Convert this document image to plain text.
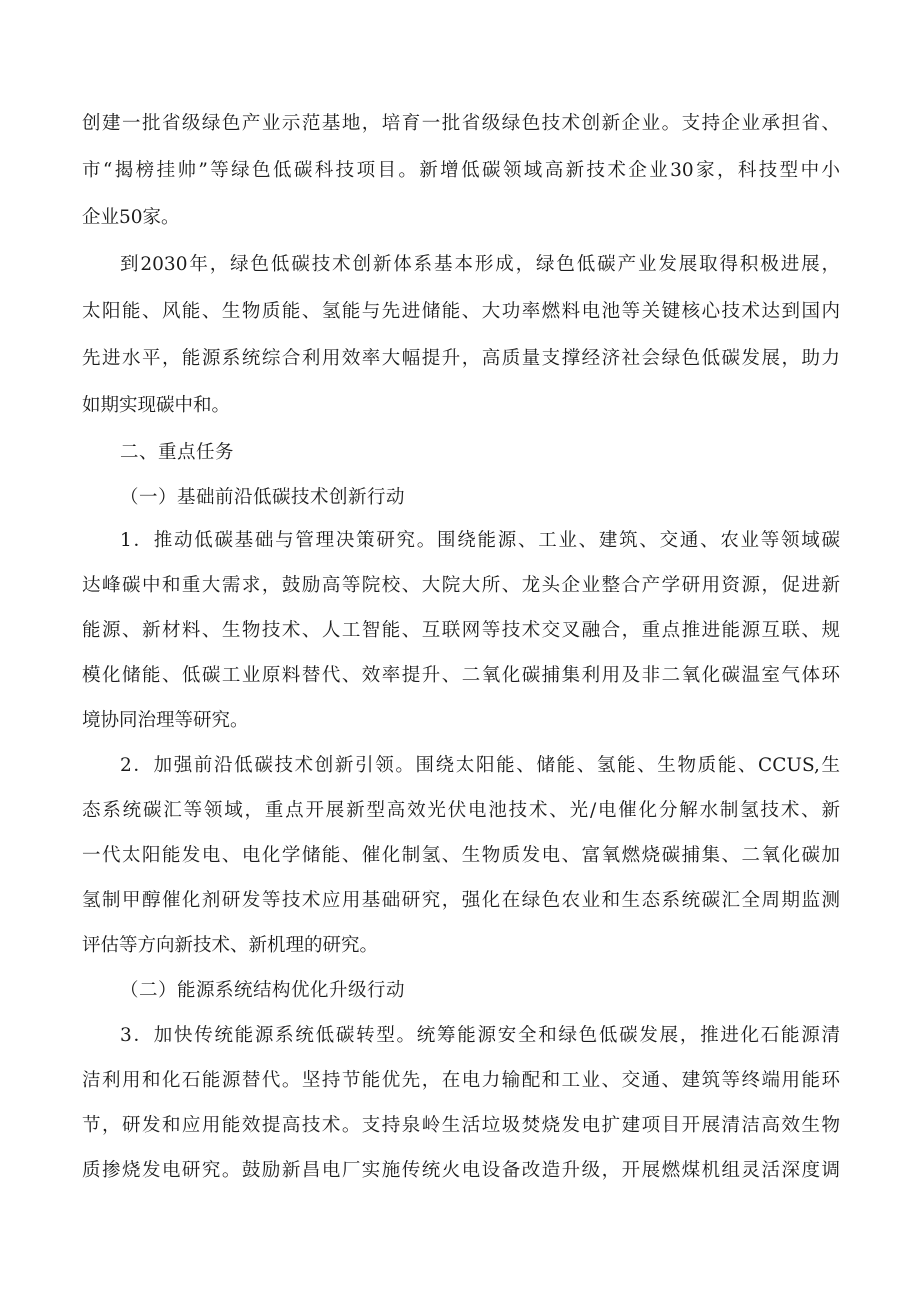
创建一批省级绿色产业示范基地，培育一批省级绿色技术创新企业。支持企业承担省、
市“揭榜挂帅”等绿色低碳科技项目。新增低碳领域高新技术企业30家，科技型中小
企业50家。
到2030年，绿色低碳技术创新体系基本形成，绿色低碳产业发展取得积极进展，
太阳能、风能、生物质能、氢能与先进储能、大功率燃料电池等关键核心技术达到国内
先进水平，能源系统综合利用效率大幅提升，高质量支撑经济社会绿色低碳发展，助力
如期实现碳中和。
二、重点任务
（一）基础前沿低碳技术创新行动
1．推动低碳基础与管理决策研究。围绕能源、工业、建筑、交通、农业等领域碳
达峰碳中和重大需求，鼓励高等院校、大院大所、龙头企业整合产学研用资源，促进新
能源、新材料、生物技术、人工智能、互联网等技术交叉融合，重点推进能源互联、规
模化储能、低碳工业原料替代、效率提升、二氧化碳捕集利用及非二氧化碳温室气体环
境协同治理等研究。
2．加强前沿低碳技术创新引领。围绕太阳能、储能、氢能、生物质能、CCUS,生
态系统碳汇等领域，重点开展新型高效光伏电池技术、光/电催化分解水制氢技术、新
一代太阳能发电、电化学储能、催化制氢、生物质发电、富氧燃烧碳捕集、二氧化碳加
氢制甲醇催化剂研发等技术应用基础研究，强化在绿色农业和生态系统碳汇全周期监测
评估等方向新技术、新机理的研究。
（二）能源系统结构优化升级行动
3．加快传统能源系统低碳转型。统筹能源安全和绿色低碳发展，推进化石能源清
洁利用和化石能源替代。坚持节能优先，在电力输配和工业、交通、建筑等终端用能环
节，研发和应用能效提高技术。支持泉岭生活垃圾焚烧发电扩建项目开展清洁高效生物
质掺烧发电研究。鼓励新昌电厂实施传统火电设备改造升级，开展燃煤机组灵活深度调
